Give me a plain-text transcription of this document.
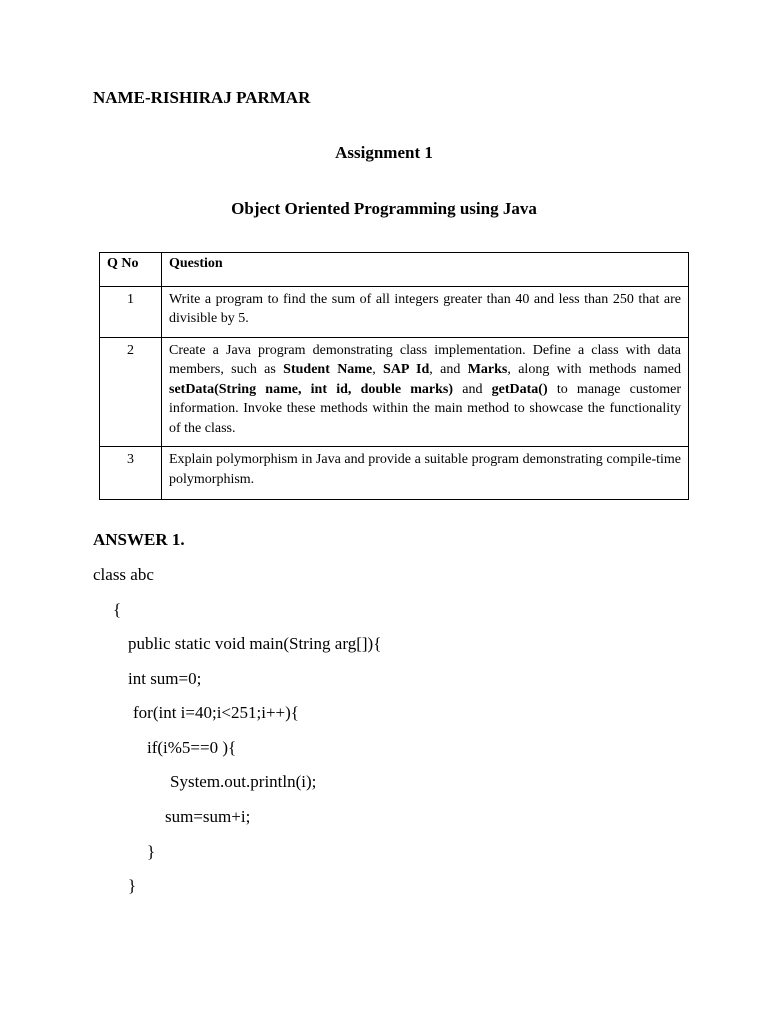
NAME-RISHIRAJ PARMAR
Assignment 1
Object Oriented Programming using Java
Q No	Question
1	Write a program to find the sum of all integers greater than 40 and less than 250 that are divisible by 5.
2	Create a Java program demonstrating class implementation. Define a class with data members, such as Student Name, SAP Id, and Marks, along with methods named setData(String name, int id, double marks) and getData() to manage customer information. Invoke these methods within the main method to showcase the functionality of the class.
3	Explain polymorphism in Java and provide a suitable program demonstrating compile-time polymorphism.
ANSWER 1.
class abc
{
public static void main(String arg[]){
int sum=0;
for(int i=40;i<251;i++){
if(i%5==0 ){
System.out.println(i);
sum=sum+i;
}
}
